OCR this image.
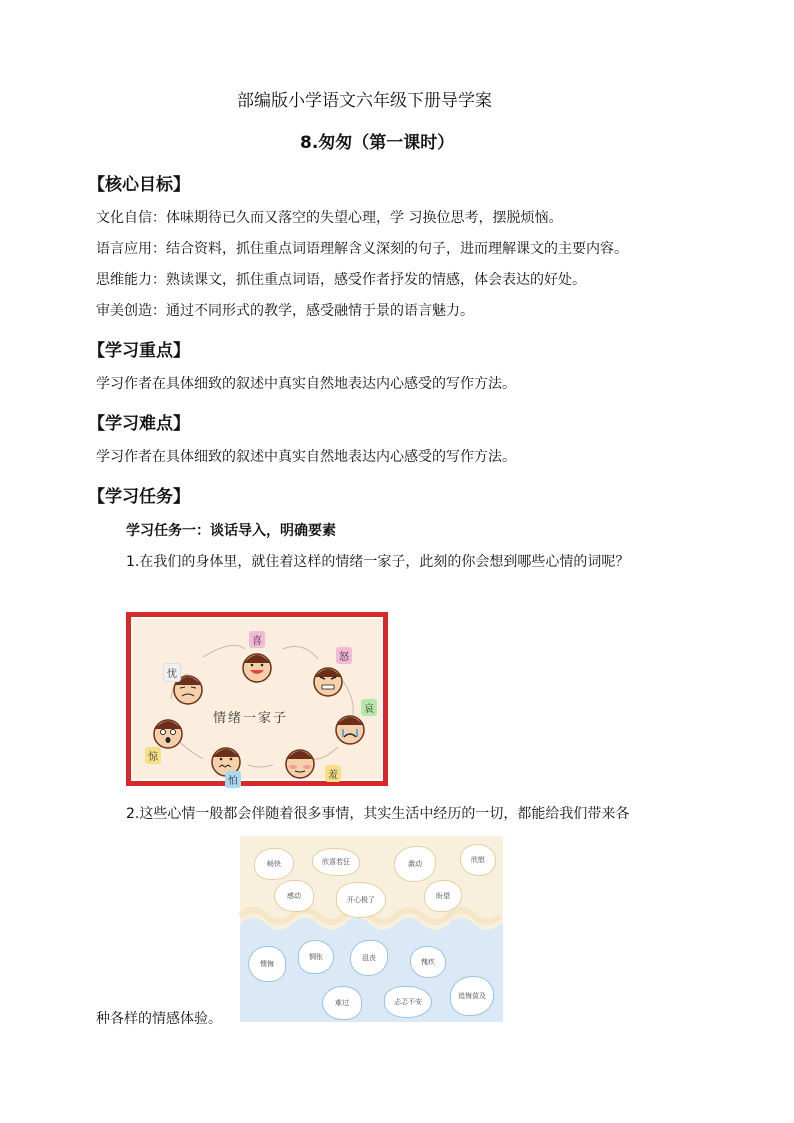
部编版小学语文六年级下册导学案
8.匆匆（第一课时）
【核心目标】
文化自信：体味期待已久而又落空的失望心理，学 习换位思考，摆脱烦恼。
语言应用：结合资料，抓住重点词语理解含义深刻的句子，进而理解课文的主要内容。
思维能力：熟读课文，抓住重点词语，感受作者抒发的情感，体会表达的好处。
审美创造：通过不同形式的教学，感受融情于景的语言魅力。
【学习重点】
学习作者在具体细致的叙述中真实自然地表达内心感受的写作方法。
【学习难点】
学习作者在具体细致的叙述中真实自然地表达内心感受的写作方法。
【学习任务】
学习任务一：谈话导入，明确要素
1.在我们的身体里，就住着这样的情绪一家子，此刻的你会想到哪些心情的词呢？
喜
怒
哀
羞
怕
惊
忧
情绪一家子
2.这些心情一般都会伴随着很多事情，其实生活中经历的一切，都能给我们带来各
畅快	欣喜若狂	激动	欣慰
感动	开心极了	盼望
懊悔
惆怅	沮丧	愧疚
难过	忐忑不安
追悔莫及
种各样的情感体验。
